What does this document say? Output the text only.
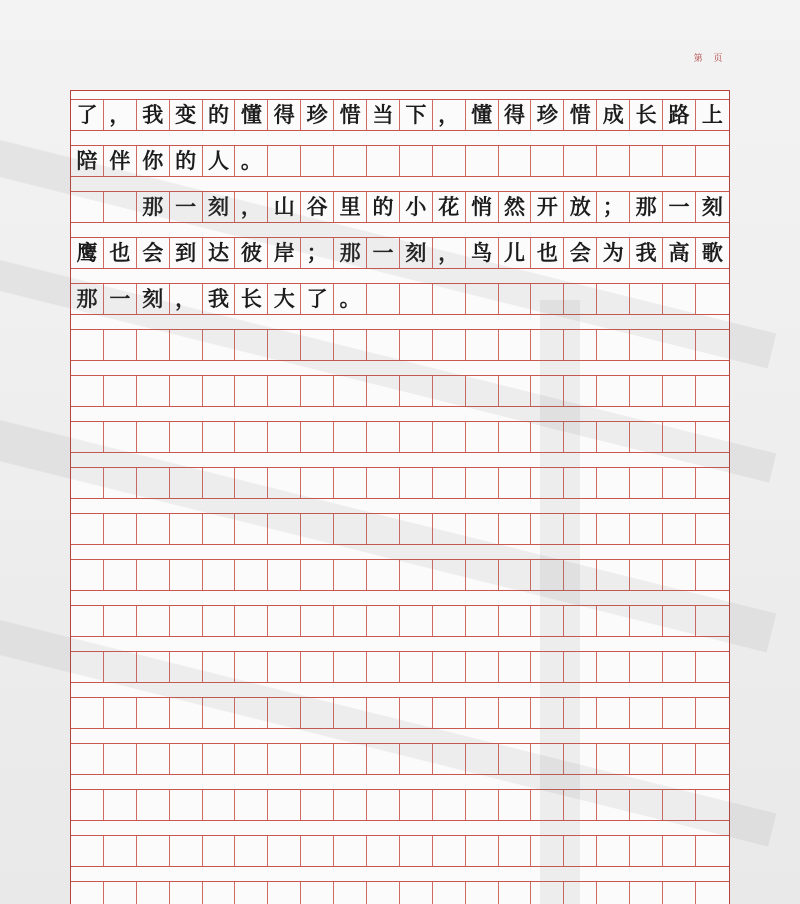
第 页
了 ， 我 变 的 懂 得 珍 惜 当 下 ， 懂 得 珍 惜 成 长 路 上
陪 伴 你 的 人 。
那 一 刻 ， 山 谷 里 的 小 花 悄 然 开 放 ； 那 一 刻
鹰 也 会 到 达 彼 岸 ； 那 一 刻 ， 鸟 儿 也 会 为 我 高 歌
那 一 刻 ， 我 长 大 了 。
